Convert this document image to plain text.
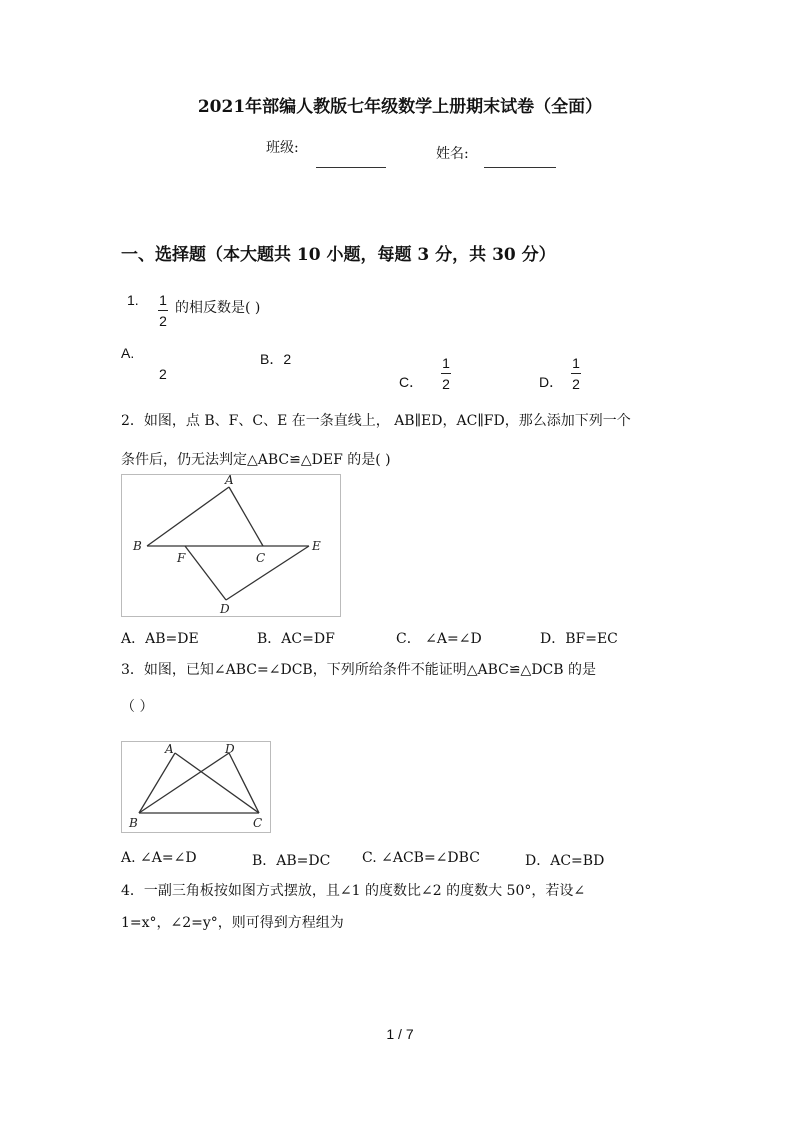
2021年部编人教版七年级数学上册期末试卷（全面）
班级:	姓名:
一、选择题（本大题共 10 小题，每题 3 分，共 30 分）
1. 1
2
的相反数是( )
A.
2
B．2
C．
1
2	D．
1
2
2．如图，点 B、F、C、E 在一条直线上， AB∥ED，AC∥FD，那么添加下列一个
条件后，仍无法判定△ABC≌△DEF 的是( )
A
B
F	C
E
D
A．AB=DE	B．AC=DF	C． ∠A=∠D	D．BF=EC
3．如图，已知∠ABC=∠DCB，下列所给条件不能证明△ABC≌△DCB 的是
（ ）
A	D
B	C
A. ∠A=∠D	B．AB=DC C. ∠ACB=∠DBC	D．AC=BD
4．一副三角板按如图方式摆放，且∠1 的度数比∠2 的度数大 50°，若设∠
1=x°，∠2=y°，则可得到方程组为
1 / 7
